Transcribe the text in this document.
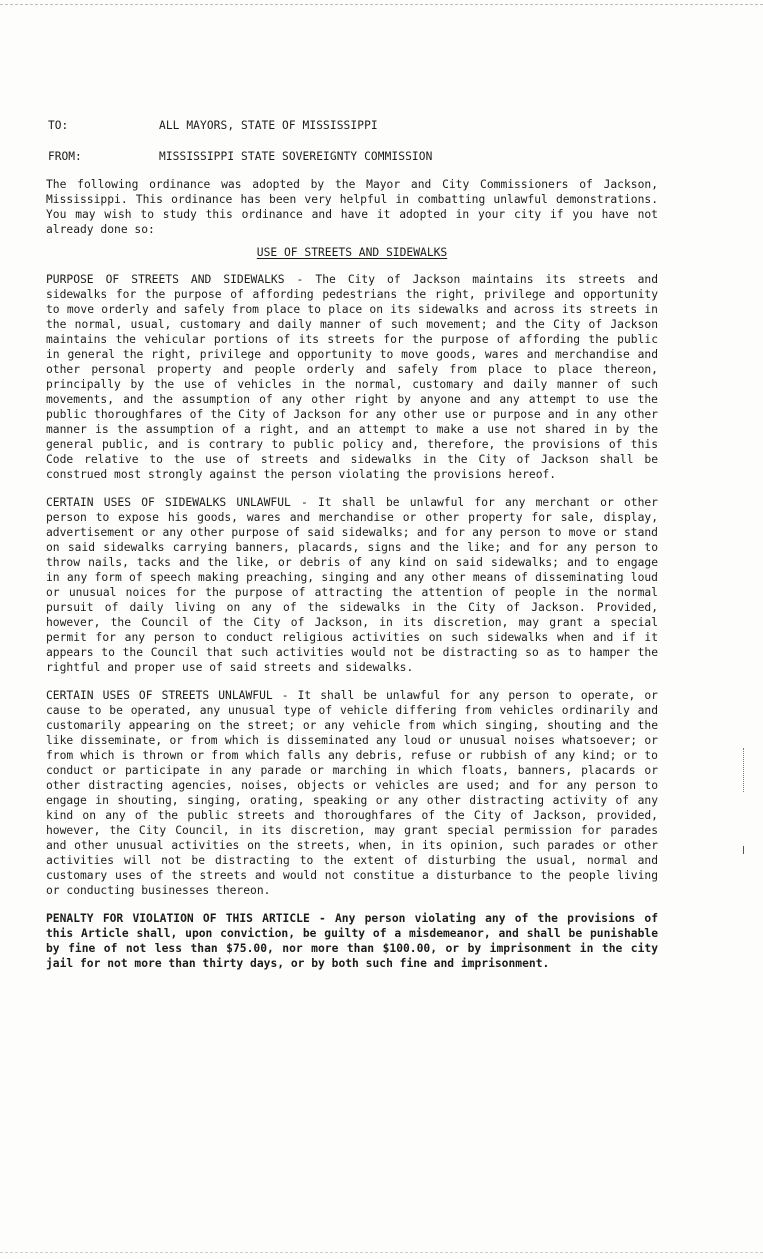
TO:	ALL MAYORS, STATE OF MISSISSIPPI
FROM:	MISSISSIPPI STATE SOVEREIGNTY COMMISSION

The following ordinance was adopted by the Mayor and City Commissioners of Jackson, Mississippi. This ordinance has been very helpful in combatting unlawful demonstrations. You may wish to study this ordinance and have it adopted in your city if you have not already done so:

USE OF STREETS AND SIDEWALKS

PURPOSE OF STREETS AND SIDEWALKS - The City of Jackson maintains its streets and sidewalks for the purpose of affording pedestrians the right, privilege and opportunity to move orderly and safely from place to place on its sidewalks and across its streets in the normal, usual, customary and daily manner of such movement; and the City of Jackson maintains the vehicular portions of its streets for the purpose of affording the public in general the right, privilege and opportunity to move goods, wares and merchandise and other personal property and people orderly and safely from place to place thereon, principally by the use of vehicles in the normal, customary and daily manner of such movements, and the assumption of any other right by anyone and any attempt to use the public thoroughfares of the City of Jackson for any other use or purpose and in any other manner is the assumption of a right, and an attempt to make a use not shared in by the general public, and is contrary to public policy and, therefore, the provisions of this Code relative to the use of streets and sidewalks in the City of Jackson shall be construed most strongly against the person violating the provisions hereof.

CERTAIN USES OF SIDEWALKS UNLAWFUL - It shall be unlawful for any merchant or other person to expose his goods, wares and merchandise or other property for sale, display, advertisement or any other purpose of said sidewalks; and for any person to move or stand on said sidewalks carrying banners, placards, signs and the like; and for any person to throw nails, tacks and the like, or debris of any kind on said sidewalks; and to engage in any form of speech making preaching, singing and any other means of disseminating loud or unusual noices for the purpose of attracting the attention of people in the normal pursuit of daily living on any of the sidewalks in the City of Jackson. Provided, however, the Council of the City of Jackson, in its discretion, may grant a special permit for any person to conduct religious activities on such sidewalks when and if it appears to the Council that such activities would not be distracting so as to hamper the rightful and proper use of said streets and sidewalks.

CERTAIN USES OF STREETS UNLAWFUL - It shall be unlawful for any person to operate, or cause to be operated, any unusual type of vehicle differing from vehicles ordinarily and customarily appearing on the street; or any vehicle from which singing, shouting and the like disseminate, or from which is disseminated any loud or unusual noises whatsoever; or from which is thrown or from which falls any debris, refuse or rubbish of any kind; or to conduct or participate in any parade or marching in which floats, banners, placards or other distracting agencies, noises, objects or vehicles are used; and for any person to engage in shouting, singing, orating, speaking or any other distracting activity of any kind on any of the public streets and thoroughfares of the City of Jackson, provided, however, the City Council, in its discretion, may grant special permission for parades and other unusual activities on the streets, when, in its opinion, such parades or other activities will not be distracting to the extent of disturbing the usual, normal and customary uses of the streets and would not constitue a disturbance to the people living or conducting businesses thereon.

PENALTY FOR VIOLATION OF THIS ARTICLE - Any person violating any of the provisions of this Article shall, upon conviction, be guilty of a misdemeanor, and shall be punishable by fine of not less than $75.00, nor more than $100.00, or by imprisonment in the city jail for not more than thirty days, or by both such fine and imprisonment.
